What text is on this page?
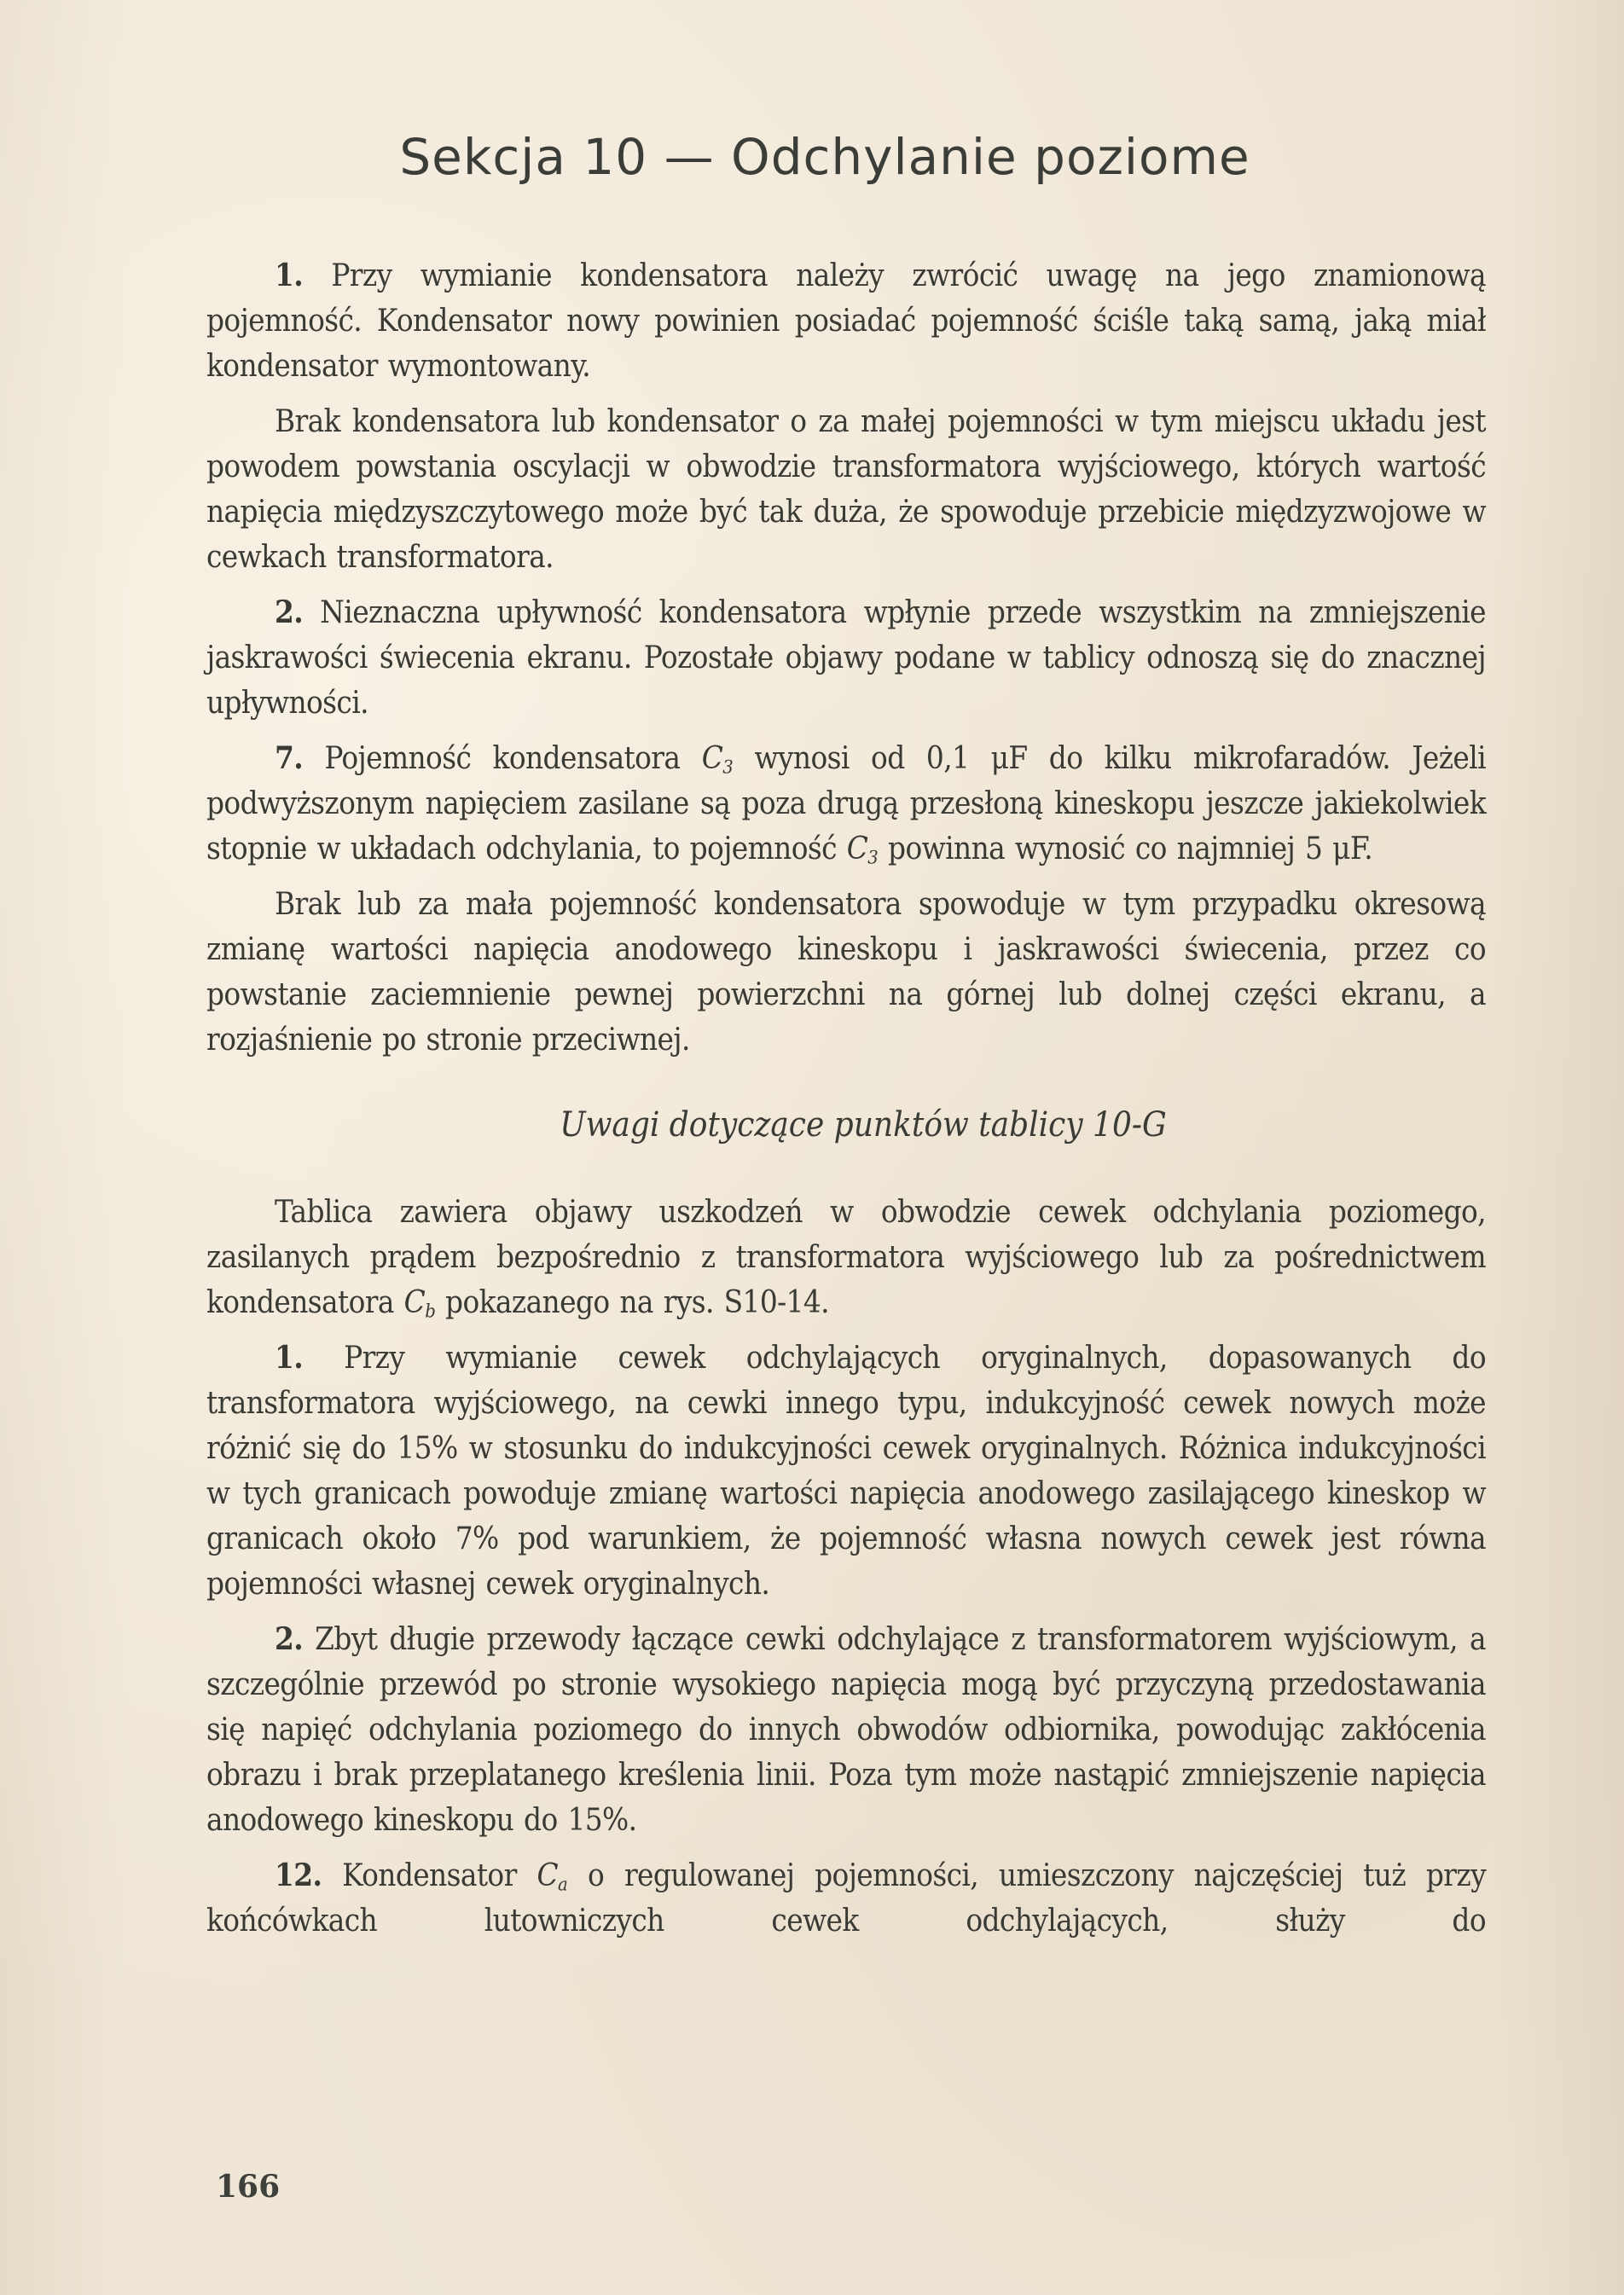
Sekcja 10 — Odchylanie poziome

1. Przy wymianie kondensatora należy zwrócić uwagę na jego znamionową pojemność. Kondensator nowy powinien posiadać pojemność ściśle taką samą, jaką miał kondensator wymontowany.

Brak kondensatora lub kondensator o za małej pojemności w tym miejscu układu jest powodem powstania oscylacji w obwodzie transformatora wyjściowego, których wartość napięcia międzyszczytowego może być tak duża, że spowoduje przebicie międzyzwojowe w cewkach transformatora.

2. Nieznaczna upływność kondensatora wpłynie przede wszystkim na zmniejszenie jaskrawości świecenia ekranu. Pozostałe objawy podane w tablicy odnoszą się do znacznej upływności.

7. Pojemność kondensatora $C_3$ wynosi od 0,1 μF do kilku mikrofaradów. Jeżeli podwyższonym napięciem zasilane są poza drugą przesłoną kineskopu jeszcze jakiekolwiek stopnie w układach odchylania, to pojemność $C_3$ powinna wynosić co najmniej 5 μF.

Brak lub za mała pojemność kondensatora spowoduje w tym przypadku okresową zmianę wartości napięcia anodowego kineskopu i jaskrawości świecenia, przez co powstanie zaciemnienie pewnej powierzchni na górnej lub dolnej części ekranu, a rozjaśnienie po stronie przeciwnej.

Uwagi dotyczące punktów tablicy 10-G

Tablica zawiera objawy uszkodzeń w obwodzie cewek odchylania poziomego, zasilanych prądem bezpośrednio z transformatora wyjściowego lub za pośrednictwem kondensatora $C_b$ pokazanego na rys. S10-14.

1. Przy wymianie cewek odchylających oryginalnych, dopasowanych do transformatora wyjściowego, na cewki innego typu, indukcyjność cewek nowych może różnić się do 15% w stosunku do indukcyjności cewek oryginalnych. Różnica indukcyjności w tych granicach powoduje zmianę wartości napięcia anodowego zasilającego kineskop w granicach około 7% pod warunkiem, że pojemność własna nowych cewek jest równa pojemności własnej cewek oryginalnych.

2. Zbyt długie przewody łączące cewki odchylające z transformatorem wyjściowym, a szczególnie przewód po stronie wysokiego napięcia mogą być przyczyną przedostawania się napięć odchylania poziomego do innych obwodów odbiornika, powodując zakłócenia obrazu i brak przeplatanego kreślenia linii. Poza tym może nastąpić zmniejszenie napięcia anodowego kineskopu do 15%.

12. Kondensator $C_a$ o regulowanej pojemności, umieszczony najczęściej tuż przy końcówkach lutowniczych cewek odchylających, służy do

166
